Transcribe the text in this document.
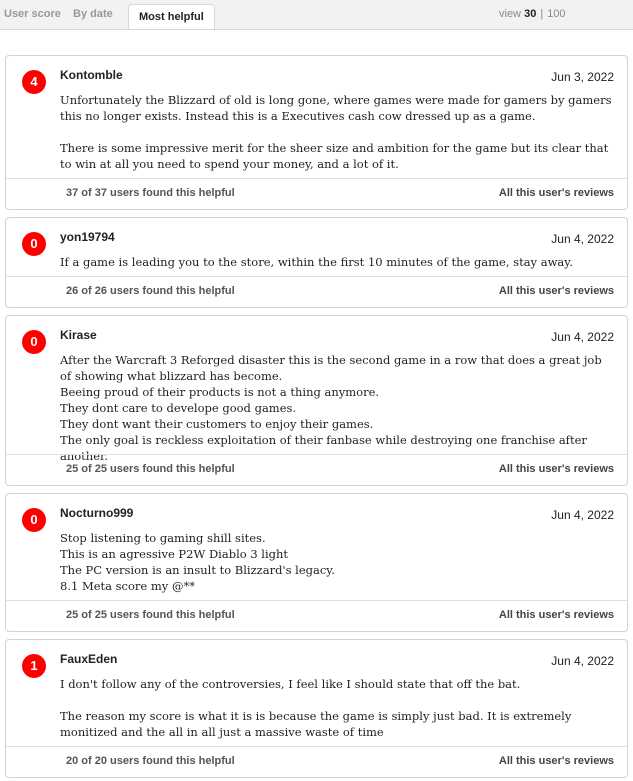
User score By date	Most helpful	view 30 | 100
4	Kontomble	Jun 3, 2022

Unfortunately the Blizzard of old is long gone, where games were made for gamers by gamers this no longer exists. Instead this is a Executives cash cow dressed up as a game.

There is some impressive merit for the sheer size and ambition for the game but its clear that to win at all you need to spend your money, and a lot of it.

37 of 37 users found this helpful	All this user's reviews
0	yon19794	Jun 4, 2022

If a game is leading you to the store, within the first 10 minutes of the game, stay away.

26 of 26 users found this helpful	All this user's reviews
0	Kirase	Jun 4, 2022

After the Warcraft 3 Reforged disaster this is the second game in a row that does a great job of showing what blizzard has become.

Beeing proud of their products is not a thing anymore.

They dont care to develope good games.

They dont want their customers to enjoy their games.

The only goal is reckless exploitation of their fanbase while destroying one franchise after another.

25 of 25 users found this helpful	All this user's reviews
0	Nocturno999	Jun 4, 2022

Stop listening to gaming shill sites.

This is an agressive P2W Diablo 3 light

The PC version is an insult to Blizzard's legacy.

8.1 Meta score my @**

25 of 25 users found this helpful	All this user's reviews
1	FauxEden	Jun 4, 2022

I don't follow any of the controversies, I feel like I should state that off the bat.

The reason my score is what it is is because the game is simply just bad. It is extremely monitized and the all in all just a massive waste of time

20 of 20 users found this helpful	All this user's reviews
